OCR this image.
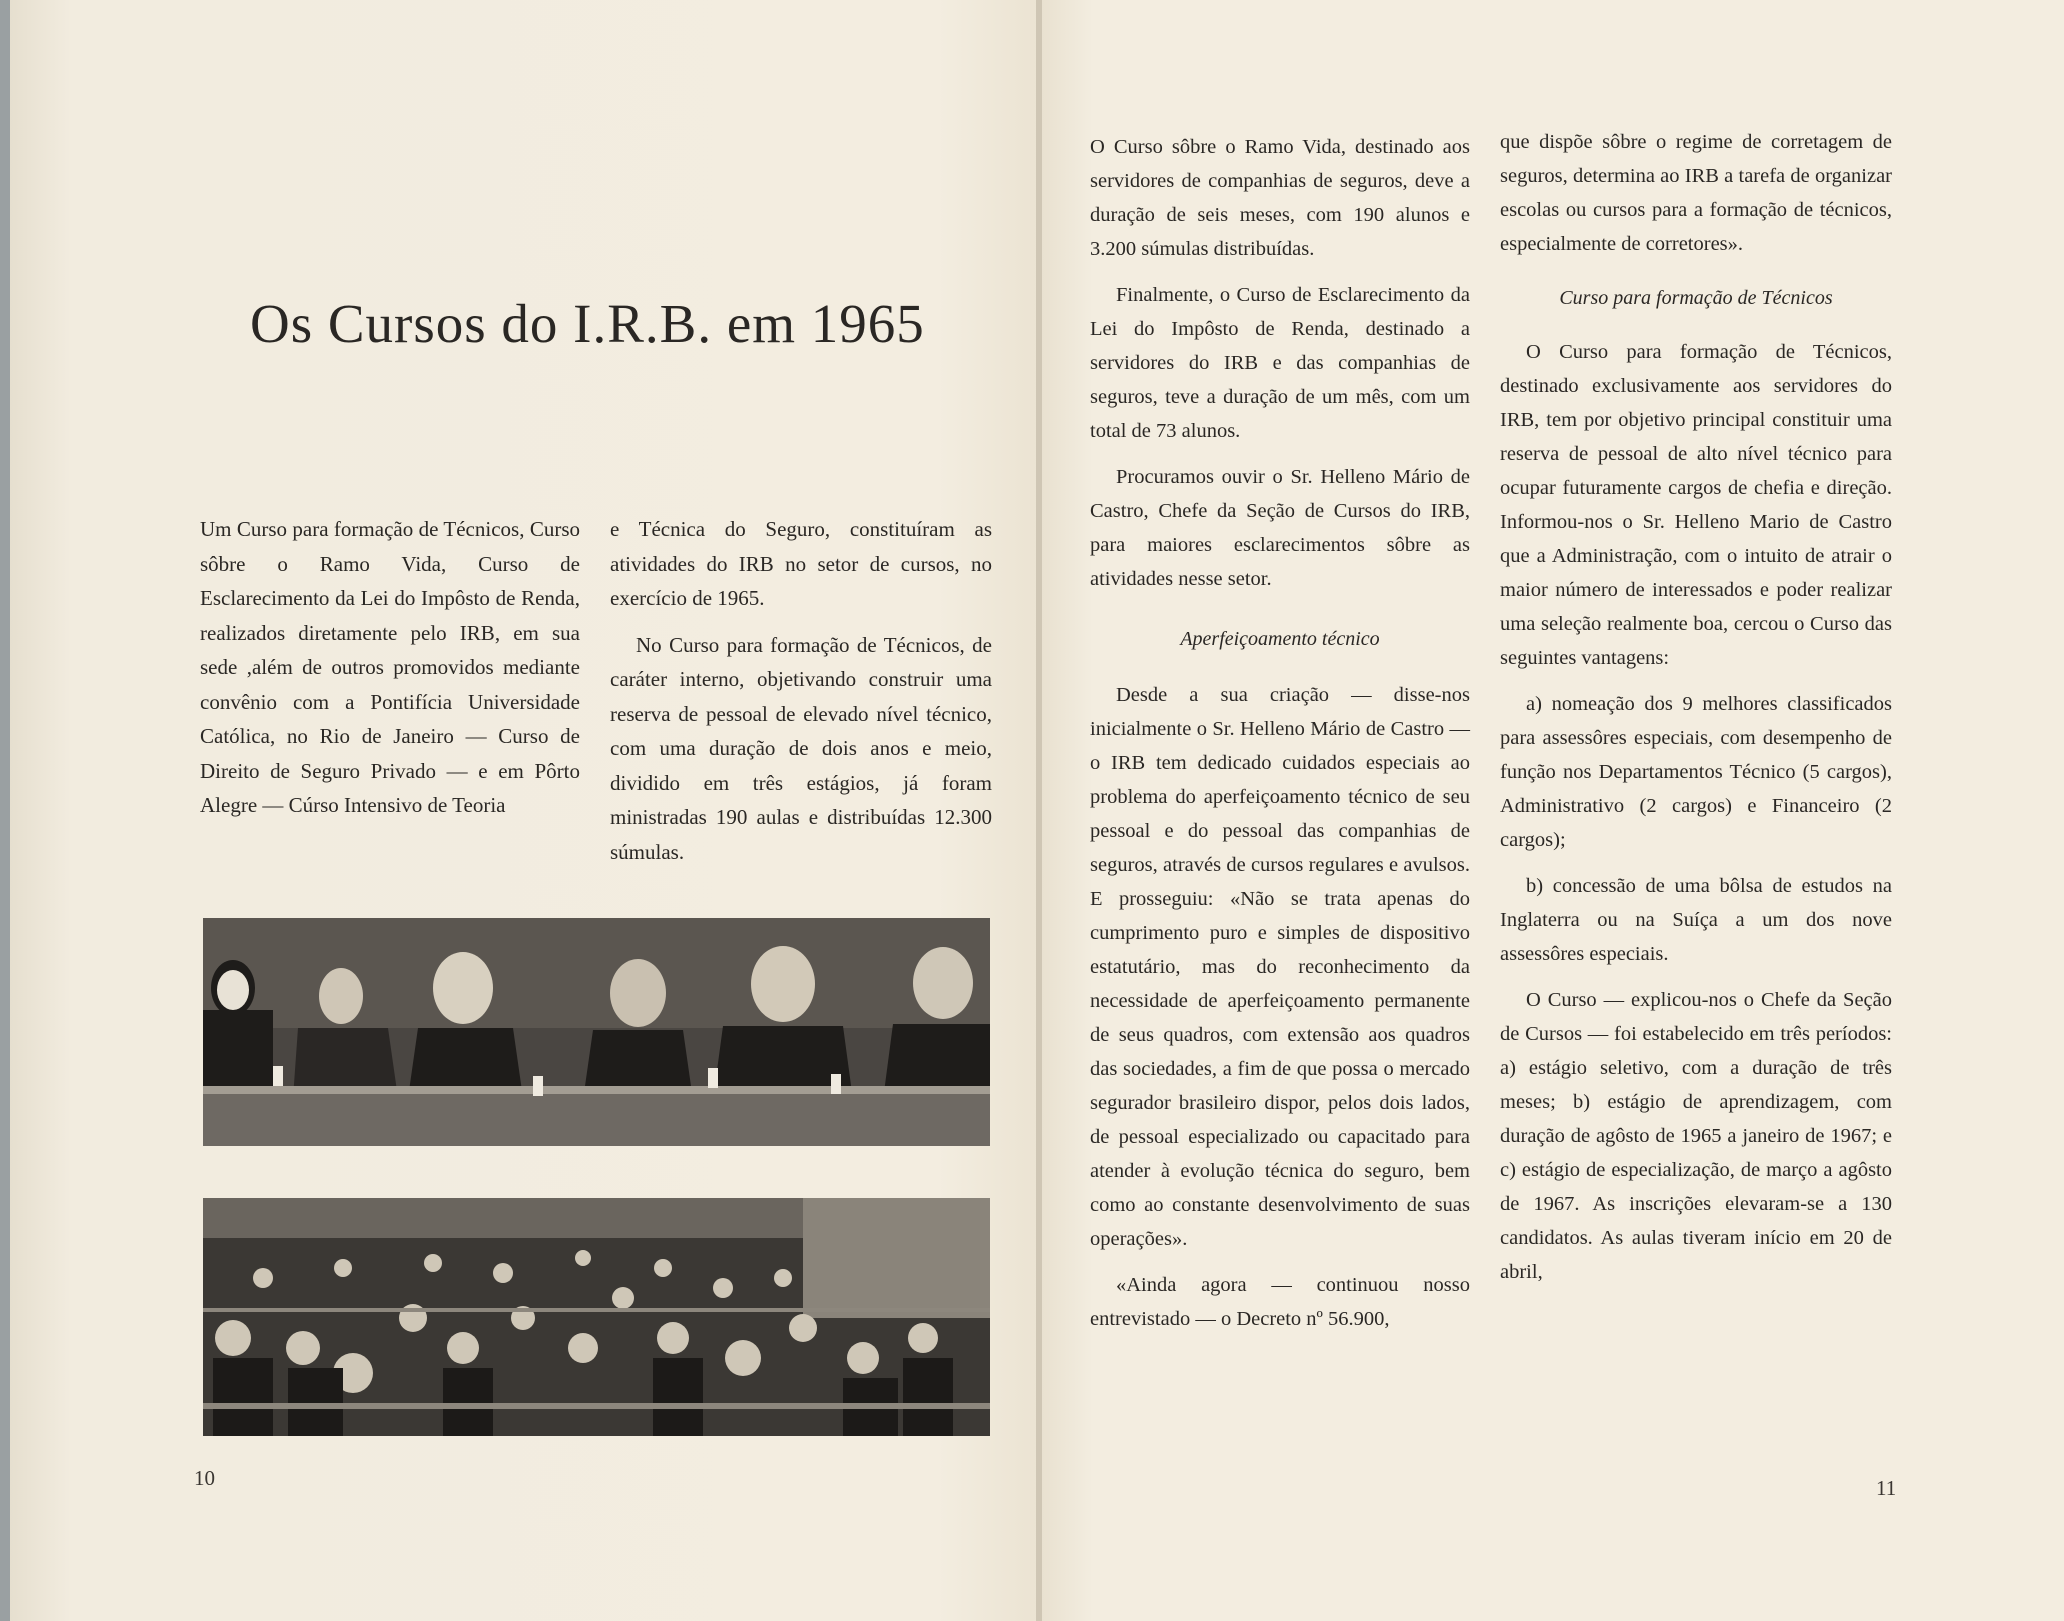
Os Cursos do I.R.B. em 1965

Um Curso para formação de Técnicos, Curso sôbre o Ramo Vida, Curso de Esclarecimento da Lei do Impôsto de Renda, realizados diretamente pelo IRB, em sua sede ,além de outros promovidos mediante convênio com a Pontifícia Universidade Católica, no Rio de Janeiro — Curso de Direito de Seguro Privado — e em Pôrto Alegre — Cúrso Intensivo de Teoria

e Técnica do Seguro, constituíram as atividades do IRB no setor de cursos, no exercício de 1965.

No Curso para formação de Técnicos, de caráter interno, objetivando construir uma reserva de pessoal de elevado nível técnico, com uma duração de dois anos e meio, dividido em três estágios, já foram ministradas 190 aulas e distribuídas 12.300 súmulas.

10

O Curso sôbre o Ramo Vida, destinado aos servidores de companhias de seguros, deve a duração de seis meses, com 190 alunos e 3.200 súmulas distribuídas.

Finalmente, o Curso de Esclarecimento da Lei do Impôsto de Renda, destinado a servidores do IRB e das companhias de seguros, teve a duração de um mês, com um total de 73 alunos.

Procuramos ouvir o Sr. Helleno Mário de Castro, Chefe da Seção de Cursos do IRB, para maiores esclarecimentos sôbre as atividades nesse setor.

Aperfeiçoamento técnico

Desde a sua criação — disse-nos inicialmente o Sr. Helleno Mário de Castro — o IRB tem dedicado cuidados especiais ao problema do aperfeiçoamento técnico de seu pessoal e do pessoal das companhias de seguros, através de cursos regulares e avulsos. E prosseguiu: «Não se trata apenas do cumprimento puro e simples de dispositivo estatutário, mas do reconhecimento da necessidade de aperfeiçoamento permanente de seus quadros, com extensão aos quadros das sociedades, a fim de que possa o mercado segurador brasileiro dispor, pelos dois lados, de pessoal especializado ou capacitado para atender à evolução técnica do seguro, bem como ao constante desenvolvimento de suas operações».

«Ainda agora — continuou nosso entrevistado — o Decreto nº 56.900,

que dispõe sôbre o regime de corretagem de seguros, determina ao IRB a tarefa de organizar escolas ou cursos para a formação de técnicos, especialmente de corretores».

Curso para formação de Técnicos

O Curso para formação de Técnicos, destinado exclusivamente aos servidores do IRB, tem por objetivo principal constituir uma reserva de pessoal de alto nível técnico para ocupar futuramente cargos de chefia e direção. Informou-nos o Sr. Helleno Mario de Castro que a Administração, com o intuito de atrair o maior número de interessados e poder realizar uma seleção realmente boa, cercou o Curso das seguintes vantagens:

a) nomeação dos 9 melhores classificados para assessôres especiais, com desempenho de função nos Departamentos Técnico (5 cargos), Administrativo (2 cargos) e Financeiro (2 cargos);

b) concessão de uma bôlsa de estudos na Inglaterra ou na Suíça a um dos nove assessôres especiais.

O Curso — explicou-nos o Chefe da Seção de Cursos — foi estabelecido em três períodos: a) estágio seletivo, com a duração de três meses; b) estágio de aprendizagem, com duração de agôsto de 1965 a janeiro de 1967; e c) estágio de especialização, de março a agôsto de 1967. As inscrições elevaram-se a 130 candidatos. As aulas tiveram início em 20 de abril,

11
